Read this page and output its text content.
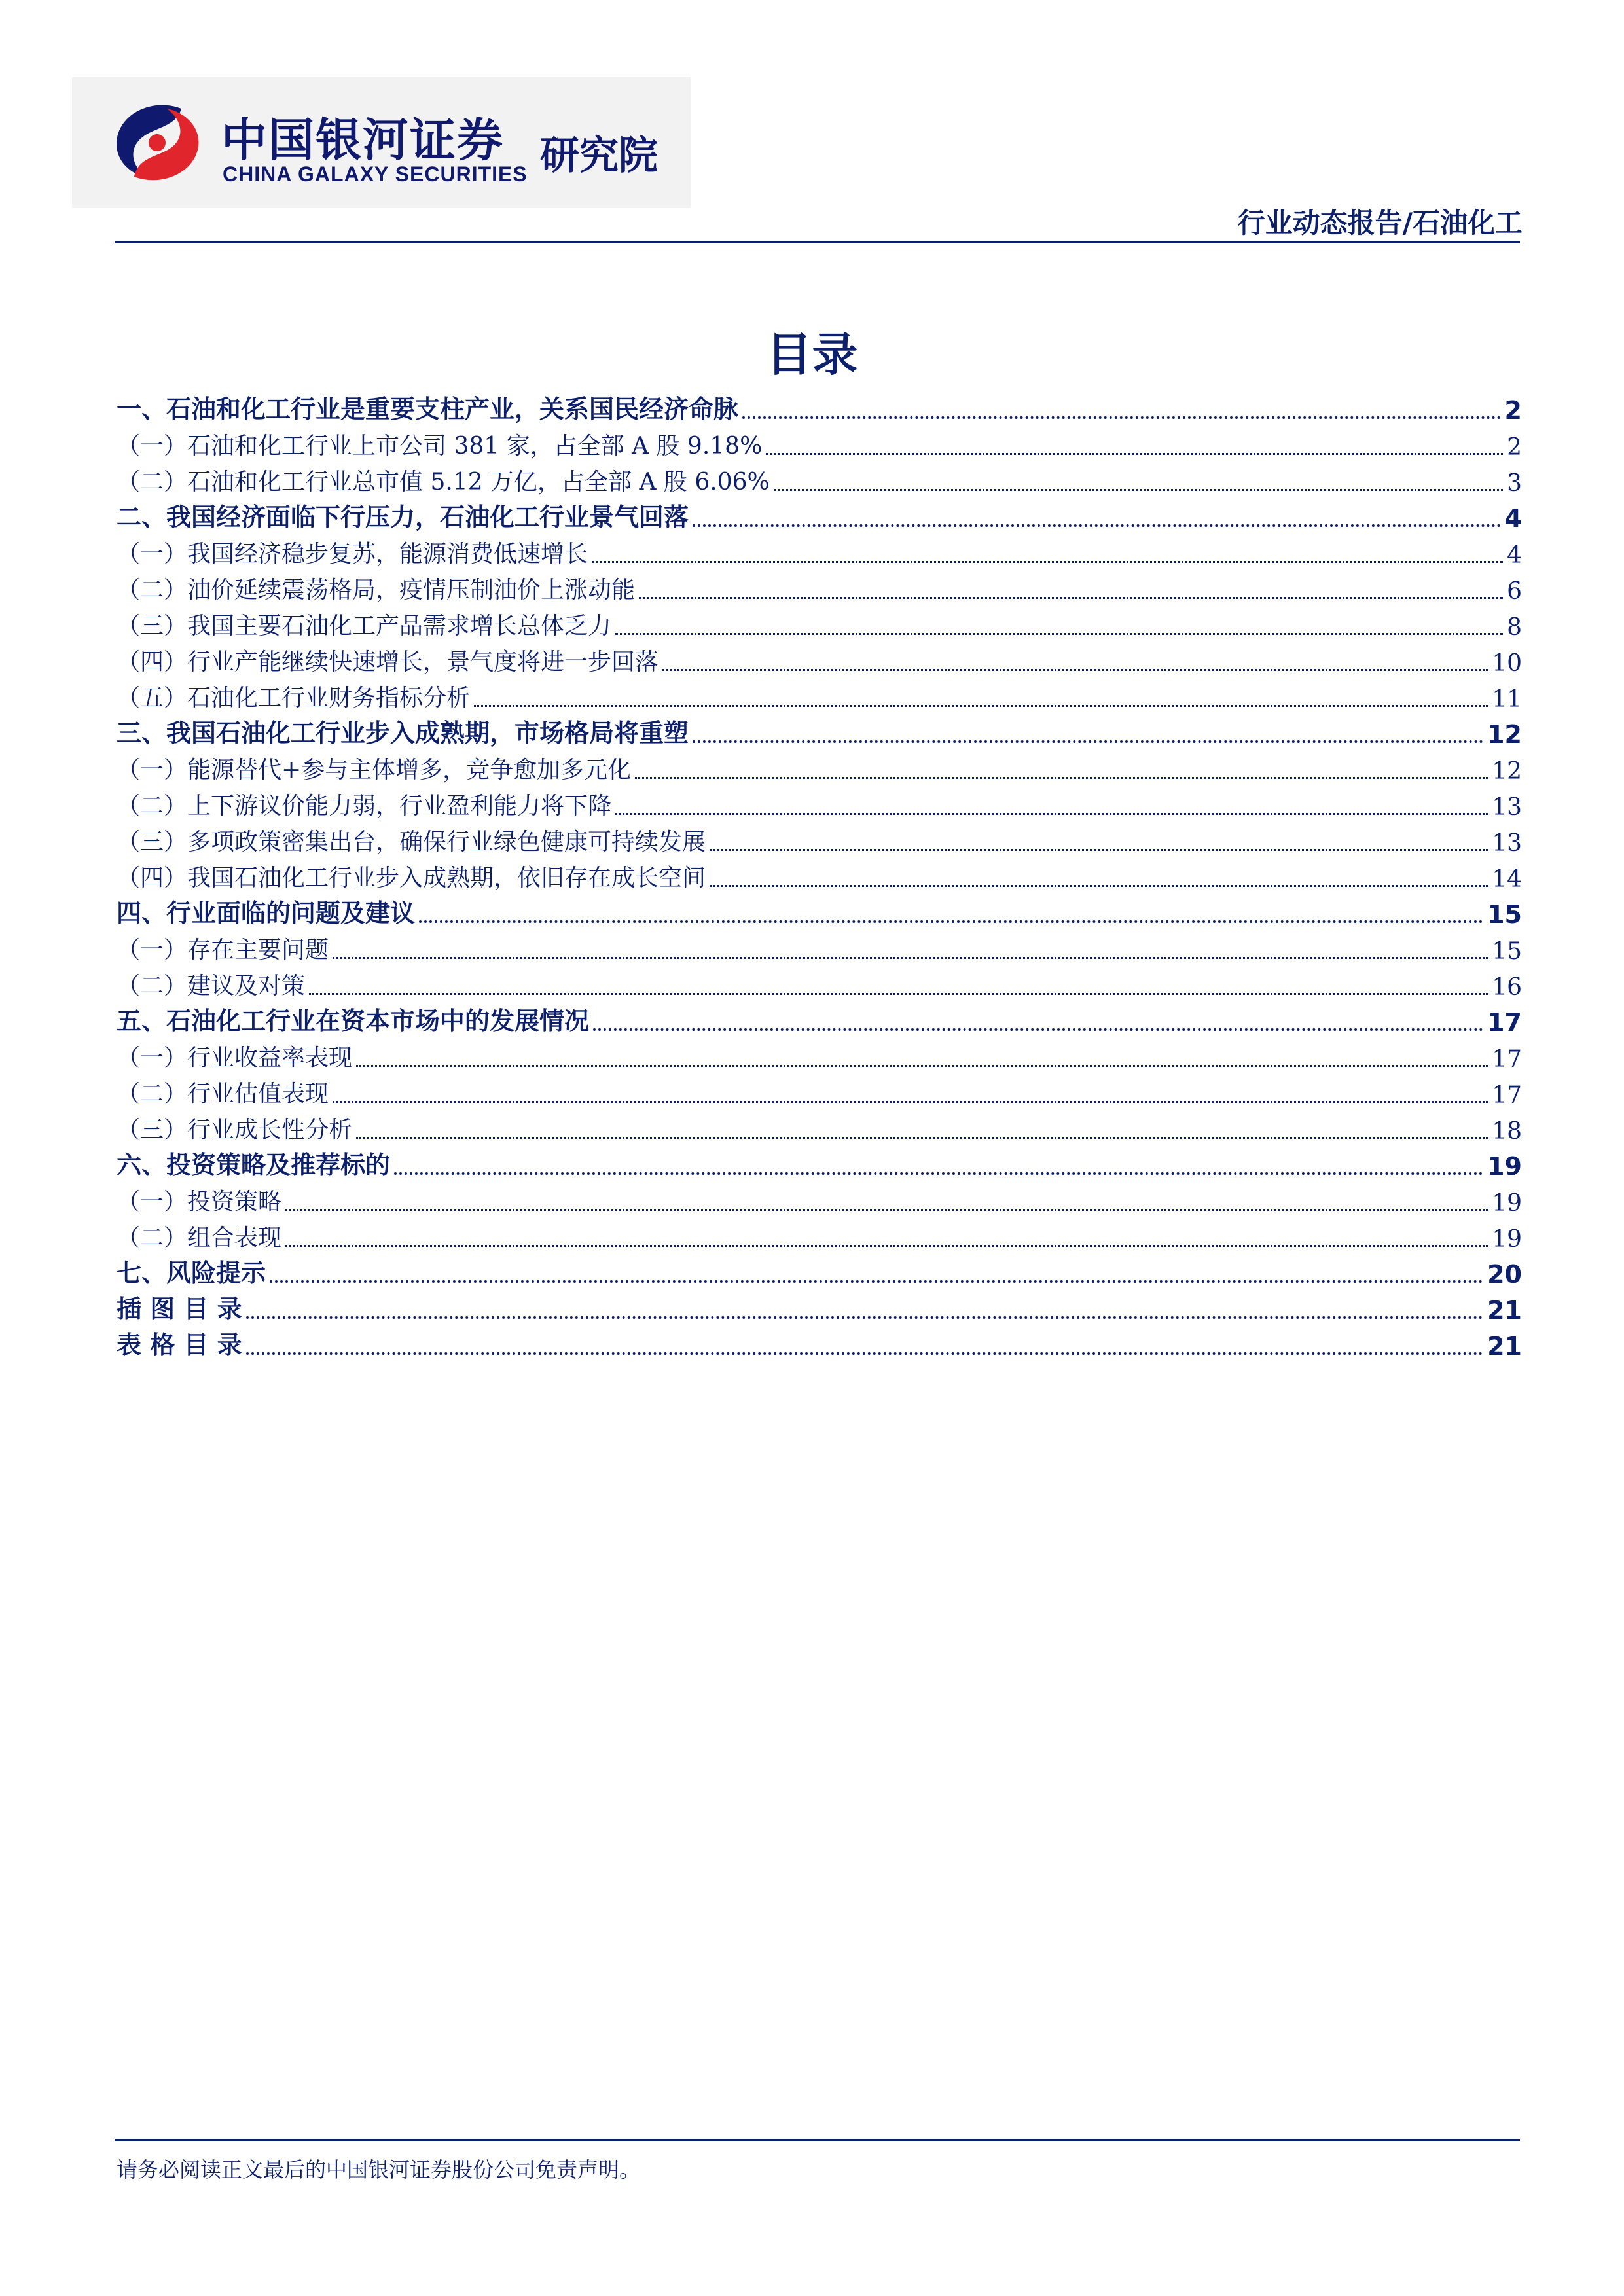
中国银河证券
CHINA GALAXY SECURITIES 研究院
行业动态报告/石油化工
目录
一、石油和化工行业是重要支柱产业，关系国民经济命脉	2
（一）石油和化工行业上市公司 381 家，占全部 A 股 9.18%	2
（二）石油和化工行业总市值 5.12 万亿，占全部 A 股 6.06%	3
二、我国经济面临下行压力，石油化工行业景气回落	4
（一）我国经济稳步复苏，能源消费低速增长	4
（二）油价延续震荡格局，疫情压制油价上涨动能	6
（三）我国主要石油化工产品需求增长总体乏力	8
（四）行业产能继续快速增长，景气度将进一步回落	10
（五）石油化工行业财务指标分析	11
三、我国石油化工行业步入成熟期，市场格局将重塑	12
（一）能源替代+参与主体增多，竞争愈加多元化	12
（二）上下游议价能力弱，行业盈利能力将下降	13
（三）多项政策密集出台，确保行业绿色健康可持续发展	13
（四）我国石油化工行业步入成熟期，依旧存在成长空间	14
四、行业面临的问题及建议	15
（一）存在主要问题	15
（二）建议及对策	16
五、石油化工行业在资本市场中的发展情况	17
（一）行业收益率表现	17
（二）行业估值表现	17
（三）行业成长性分析	18
六、投资策略及推荐标的	19
（一）投资策略	19
（二）组合表现	19
七、风险提示	20
插 图 目 录	21
表 格 目 录	21
请务必阅读正文最后的中国银河证券股份公司免责声明。
